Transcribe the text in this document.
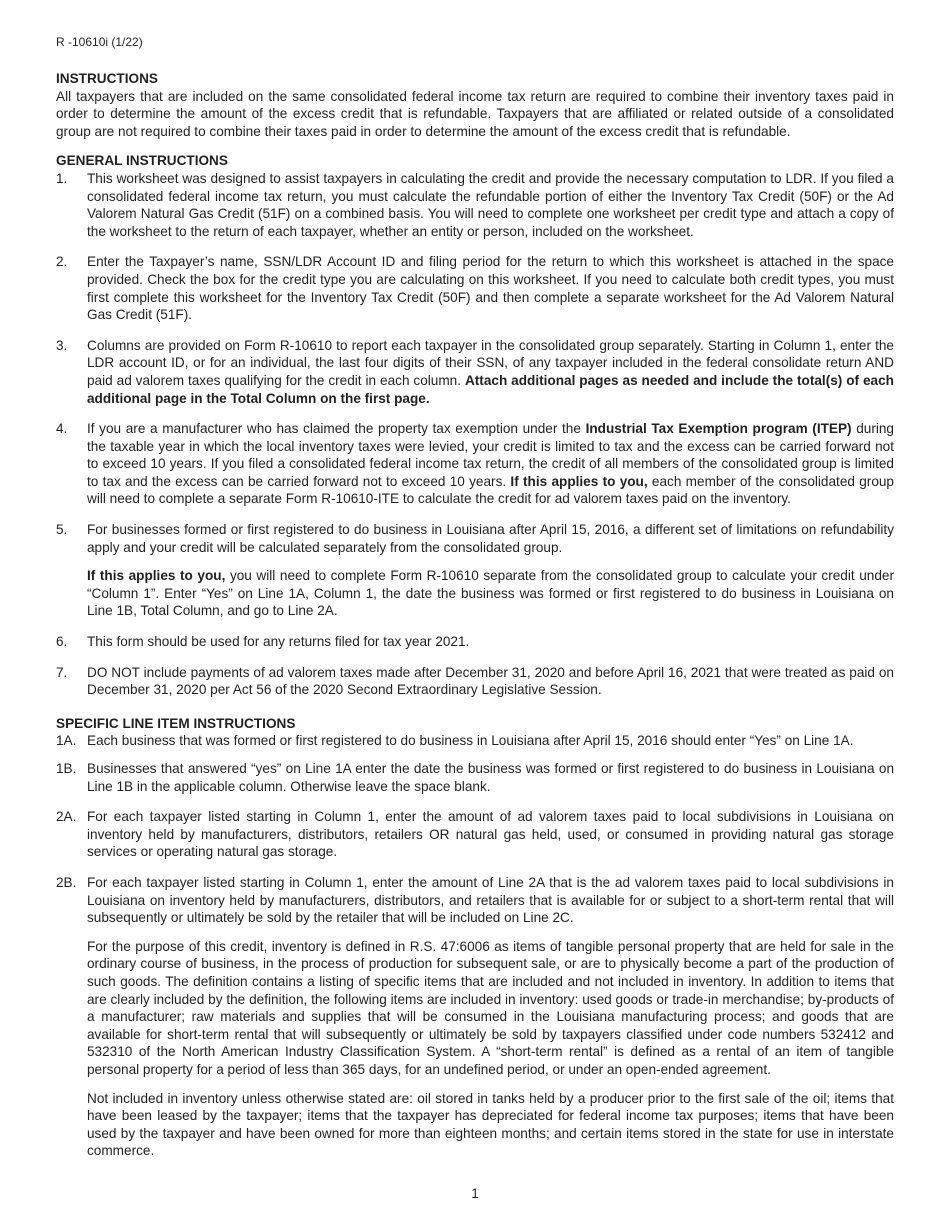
R -10610i (1/22)
INSTRUCTIONS

All taxpayers that are included on the same consolidated federal income tax return are required to combine their inventory taxes paid in order to determine the amount of the excess credit that is refundable. Taxpayers that are affiliated or related outside of a consolidated group are not required to combine their taxes paid in order to determine the amount of the excess credit that is refundable.

GENERAL INSTRUCTIONS
1. This worksheet was designed to assist taxpayers in calculating the credit and provide the necessary computation to LDR. If you filed a consolidated federal income tax return, you must calculate the refundable portion of either the Inventory Tax Credit (50F) or the Ad Valorem Natural Gas Credit (51F) on a combined basis. You will need to complete one worksheet per credit type and attach a copy of the worksheet to the return of each taxpayer, whether an entity or person, included on the worksheet.
2. Enter the Taxpayer’s name, SSN/LDR Account ID and filing period for the return to which this worksheet is attached in the space provided. Check the box for the credit type you are calculating on this worksheet. If you need to calculate both credit types, you must first complete this worksheet for the Inventory Tax Credit (50F) and then complete a separate worksheet for the Ad Valorem Natural Gas Credit (51F).
3. Columns are provided on Form R-10610 to report each taxpayer in the consolidated group separately. Starting in Column 1, enter the LDR account ID, or for an individual, the last four digits of their SSN, of any taxpayer included in the federal consolidate return AND paid ad valorem taxes qualifying for the credit in each column. Attach additional pages as needed and include the total(s) of each additional page in the Total Column on the first page.
4. If you are a manufacturer who has claimed the property tax exemption under the Industrial Tax Exemption program (ITEP) during the taxable year in which the local inventory taxes were levied, your credit is limited to tax and the excess can be carried forward not to exceed 10 years. If you filed a consolidated federal income tax return, the credit of all members of the consolidated group is limited to tax and the excess can be carried forward not to exceed 10 years. If this applies to you, each member of the consolidated group will need to complete a separate Form R-10610-ITE to calculate the credit for ad valorem taxes paid on the inventory.
5. For businesses formed or first registered to do business in Louisiana after April 15, 2016, a different set of limitations on refundability apply and your credit will be calculated separately from the consolidated group.
If this applies to you, you will need to complete Form R-10610 separate from the consolidated group to calculate your credit under “Column 1”. Enter “Yes” on Line 1A, Column 1, the date the business was formed or first registered to do business in Louisiana on Line 1B, Total Column, and go to Line 2A.
6. This form should be used for any returns filed for tax year 2021.
7. DO NOT include payments of ad valorem taxes made after December 31, 2020 and before April 16, 2021 that were treated as paid on December 31, 2020 per Act 56 of the 2020 Second Extraordinary Legislative Session.
SPECIFIC LINE ITEM INSTRUCTIONS
1A. Each business that was formed or first registered to do business in Louisiana after April 15, 2016 should enter “Yes” on Line 1A.
1B. Businesses that answered “yes” on Line 1A enter the date the business was formed or first registered to do business in Louisiana on Line 1B in the applicable column. Otherwise leave the space blank.
2A. For each taxpayer listed starting in Column 1, enter the amount of ad valorem taxes paid to local subdivisions in Louisiana on inventory held by manufacturers, distributors, retailers OR natural gas held, used, or consumed in providing natural gas storage services or operating natural gas storage.
2B. For each taxpayer listed starting in Column 1, enter the amount of Line 2A that is the ad valorem taxes paid to local subdivisions in Louisiana on inventory held by manufacturers, distributors, and retailers that is available for or subject to a short-term rental that will subsequently or ultimately be sold by the retailer that will be included on Line 2C.
For the purpose of this credit, inventory is defined in R.S. 47:6006 as items of tangible personal property that are held for sale in the ordinary course of business, in the process of production for subsequent sale, or are to physically become a part of the production of such goods. The definition contains a listing of specific items that are included and not included in inventory. In addition to items that are clearly included by the definition, the following items are included in inventory: used goods or trade-in merchandise; by-products of a manufacturer; raw materials and supplies that will be consumed in the Louisiana manufacturing process; and goods that are available for short-term rental that will subsequently or ultimately be sold by taxpayers classified under code numbers 532412 and 532310 of the North American Industry Classification System. A “short-term rental” is defined as a rental of an item of tangible personal property for a period of less than 365 days, for an undefined period, or under an open-ended agreement.
Not included in inventory unless otherwise stated are: oil stored in tanks held by a producer prior to the first sale of the oil; items that have been leased by the taxpayer; items that the taxpayer has depreciated for federal income tax purposes; items that have been used by the taxpayer and have been owned for more than eighteen months; and certain items stored in the state for use in interstate commerce.
1
